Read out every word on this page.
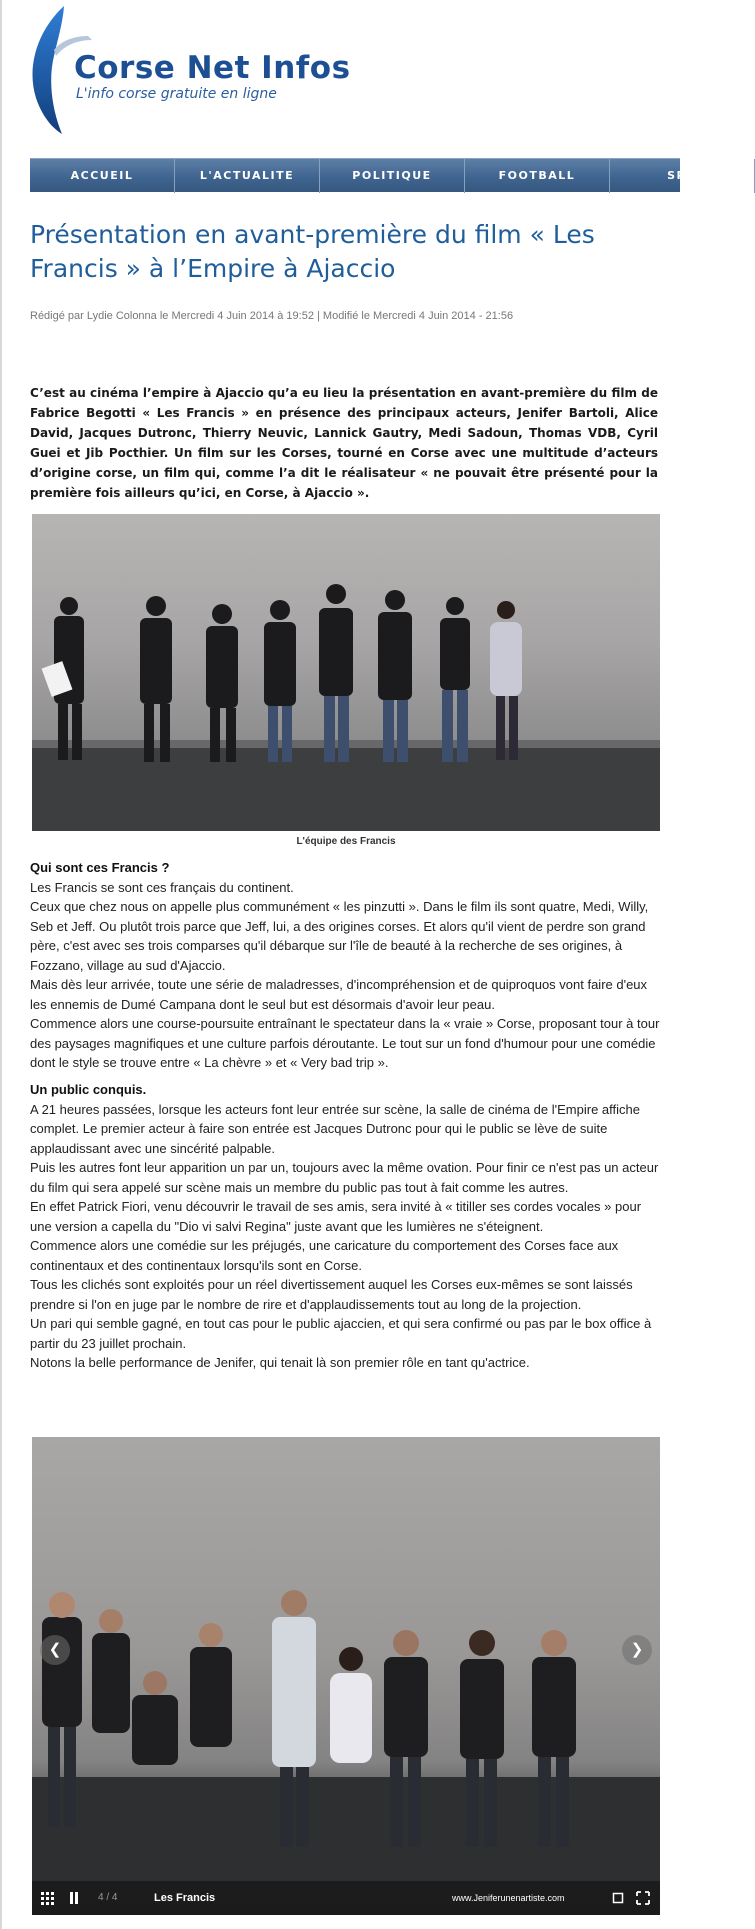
Corse Net Infos
L'info corse gratuite en ligne
ACCUEIL	L'ACTUALITE	POLITIQUE	FOOTBALL	SPO
Présentation en avant-première du film « Les Francis » à l’Empire à Ajaccio
Rédigé par Lydie Colonna le Mercredi 4 Juin 2014 à 19:52 | Modifié le Mercredi 4 Juin 2014 - 21:56

C’est au cinéma l’empire à Ajaccio qu’a eu lieu la présentation en avant-première du film de Fabrice Begotti « Les Francis » en présence des principaux acteurs, Jenifer Bartoli, Alice David, Jacques Dutronc, Thierry Neuvic, Lannick Gautry, Medi Sadoun, Thomas VDB, Cyril Guei et Jib Pocthier. Un film sur les Corses, tourné en Corse avec une multitude d’acteurs d’origine corse, un film qui, comme l’a dit le réalisateur « ne pouvait être présenté pour la première fois ailleurs qu’ici, en Corse, à Ajaccio ».

L'équipe des Francis

Qui sont ces Francis ?

Les Francis se sont ces français du continent.

Ceux que chez nous on appelle plus communément « les pinzutti ». Dans le film ils sont quatre, Medi, Willy, Seb et Jeff. Ou plutôt trois parce que Jeff, lui, a des origines corses. Et alors qu'il vient de perdre son grand père, c'est avec ses trois comparses qu'il débarque sur l'île de beauté à la recherche de ses origines, à Fozzano, village au sud d'Ajaccio.

Mais dès leur arrivée, toute une série de maladresses, d'incompréhension et de quiproquos vont faire d'eux les ennemis de Dumé Campana dont le seul but est désormais d'avoir leur peau.

Commence alors une course-poursuite entraînant le spectateur dans la « vraie » Corse, proposant tour à tour des paysages magnifiques et une culture parfois déroutante. Le tout sur un fond d'humour pour une comédie dont le style se trouve entre « La chèvre » et « Very bad trip ».

Un public conquis.

A 21 heures passées, lorsque les acteurs font leur entrée sur scène, la salle de cinéma de l'Empire affiche complet. Le premier acteur à faire son entrée est Jacques Dutronc pour qui le public se lève de suite applaudissant avec une sincérité palpable.

Puis les autres font leur apparition un par un, toujours avec la même ovation. Pour finir ce n'est pas un acteur du film qui sera appelé sur scène mais un membre du public pas tout à fait comme les autres.

En effet Patrick Fiori, venu découvrir le travail de ses amis, sera invité à « titiller ses cordes vocales » pour une version a capella du "Dio vi salvi Regina" juste avant que les lumières ne s'éteignent.

Commence alors une comédie sur les préjugés, une caricature du comportement des Corses face aux continentaux et des continentaux lorsqu'ils sont en Corse.

Tous les clichés sont exploités pour un réel divertissement auquel les Corses eux-mêmes se sont laissés prendre si l'on en juge par le nombre de rire et d'applaudissements tout au long de la projection.

Un pari qui semble gagné, en tout cas pour le public ajaccien, et qui sera confirmé ou pas par le box office à partir du 23 juillet prochain.

Notons la belle performance de Jenifer, qui tenait là son premier rôle en tant qu'actrice.

❮	❯
4 / 4	Les Francis	www.Jeniferunenartiste.com
